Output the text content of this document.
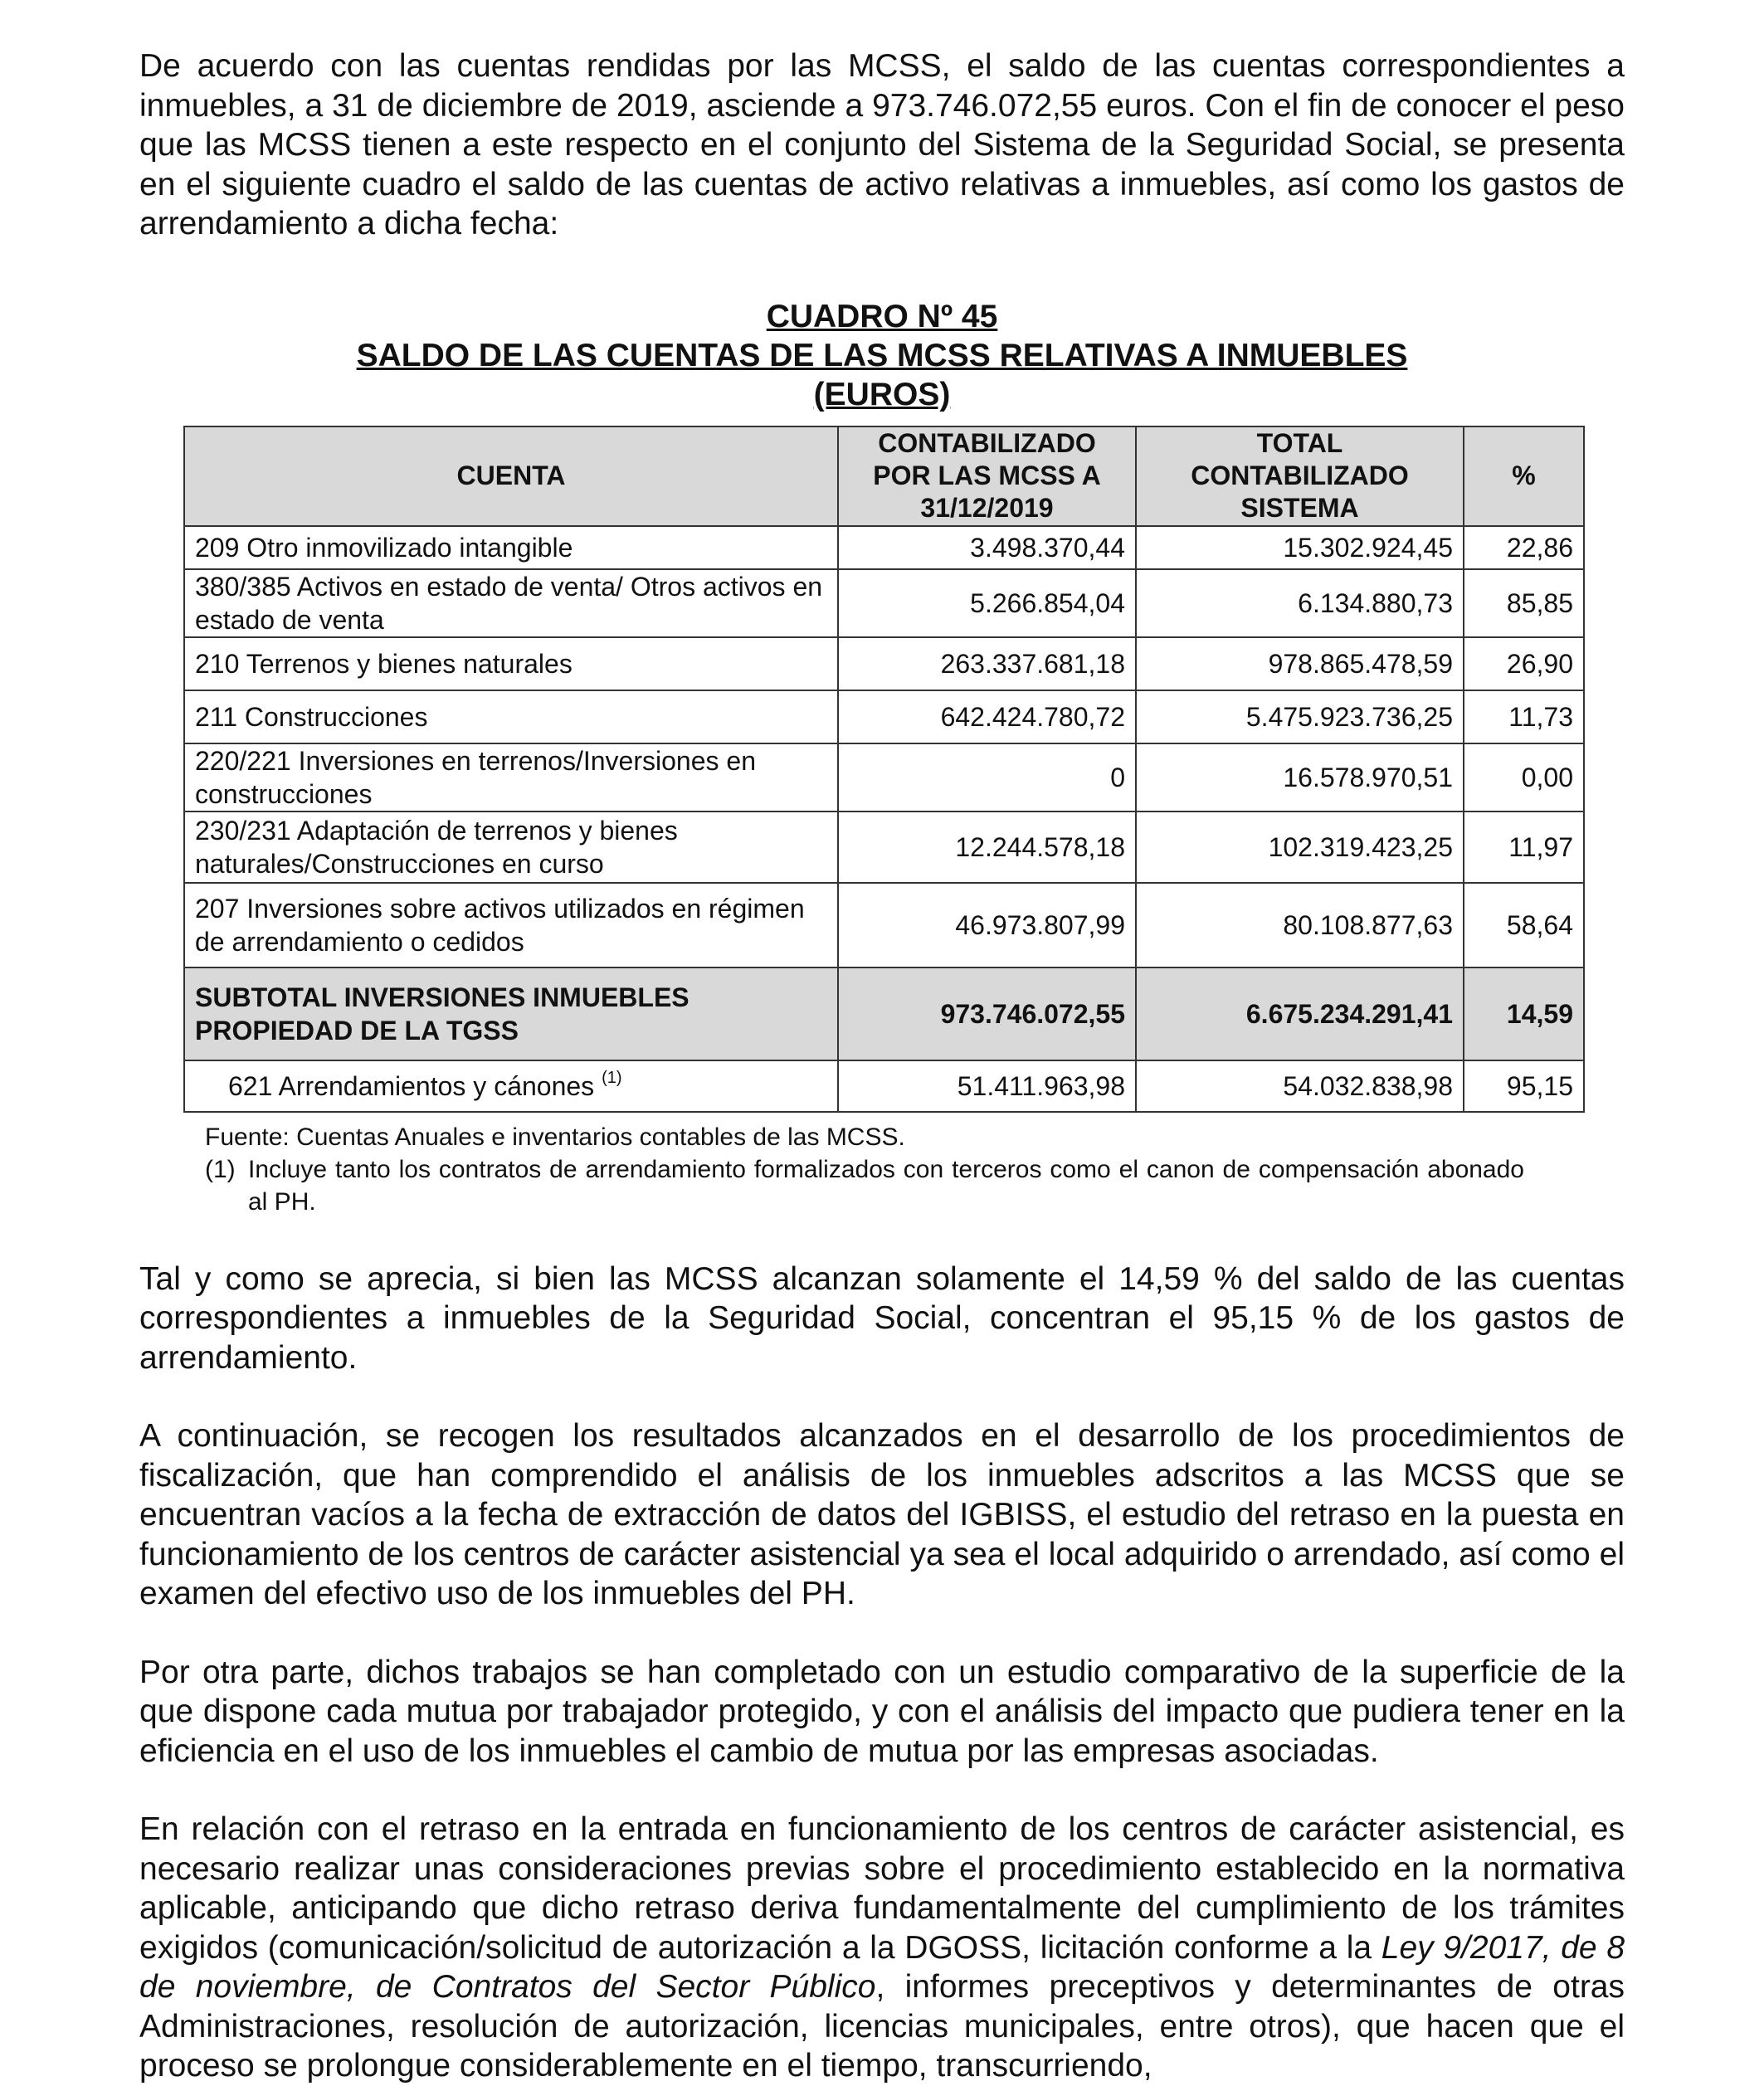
De acuerdo con las cuentas rendidas por las MCSS, el saldo de las cuentas correspondientes a inmuebles, a 31 de diciembre de 2019, asciende a 973.746.072,55 euros. Con el fin de conocer el peso que las MCSS tienen a este respecto en el conjunto del Sistema de la Seguridad Social, se presenta en el siguiente cuadro el saldo de las cuentas de activo relativas a inmuebles, así como los gastos de arrendamiento a dicha fecha:

CUADRO Nº 45
SALDO DE LAS CUENTAS DE LAS MCSS RELATIVAS A INMUEBLES
(EUROS)
CUENTA	CONTABILIZADO POR LAS MCSS A 31/12/2019	TOTAL CONTABILIZADO SISTEMA	%
209 Otro inmovilizado intangible	3.498.370,44	15.302.924,45	22,86
380/385 Activos en estado de venta/ Otros activos en estado de venta	5.266.854,04	6.134.880,73	85,85
210 Terrenos y bienes naturales	263.337.681,18	978.865.478,59	26,90
211 Construcciones	642.424.780,72	5.475.923.736,25	11,73
220/221 Inversiones en terrenos/Inversiones en construcciones	0	16.578.970,51	0,00
230/231 Adaptación de terrenos y bienes naturales/Construcciones en curso	12.244.578,18	102.319.423,25	11,97
207 Inversiones sobre activos utilizados en régimen de arrendamiento o cedidos	46.973.807,99	80.108.877,63	58,64
SUBTOTAL INVERSIONES INMUEBLES PROPIEDAD DE LA TGSS	973.746.072,55	6.675.234.291,41	14,59
621 Arrendamientos y cánones $^{(1)}$	51.411.963,98	54.032.838,98	95,15

Fuente: Cuentas Anuales e inventarios contables de las MCSS.

(1) Incluye tanto los contratos de arrendamiento formalizados con terceros como el canon de compensación abonado al PH.

Tal y como se aprecia, si bien las MCSS alcanzan solamente el 14,59 % del saldo de las cuentas correspondientes a inmuebles de la Seguridad Social, concentran el 95,15 % de los gastos de arrendamiento.

A continuación, se recogen los resultados alcanzados en el desarrollo de los procedimientos de fiscalización, que han comprendido el análisis de los inmuebles adscritos a las MCSS que se encuentran vacíos a la fecha de extracción de datos del IGBISS, el estudio del retraso en la puesta en funcionamiento de los centros de carácter asistencial ya sea el local adquirido o arrendado, así como el examen del efectivo uso de los inmuebles del PH.

Por otra parte, dichos trabajos se han completado con un estudio comparativo de la superficie de la que dispone cada mutua por trabajador protegido, y con el análisis del impacto que pudiera tener en la eficiencia en el uso de los inmuebles el cambio de mutua por las empresas asociadas.

En relación con el retraso en la entrada en funcionamiento de los centros de carácter asistencial, es necesario realizar unas consideraciones previas sobre el procedimiento establecido en la normativa aplicable, anticipando que dicho retraso deriva fundamentalmente del cumplimiento de los trámites exigidos (comunicación/solicitud de autorización a la DGOSS, licitación conforme a la Ley 9/2017, de 8 de noviembre, de Contratos del Sector Público, informes preceptivos y determinantes de otras Administraciones, resolución de autorización, licencias municipales, entre otros), que hacen que el proceso se prolongue considerablemente en el tiempo, transcurriendo,
